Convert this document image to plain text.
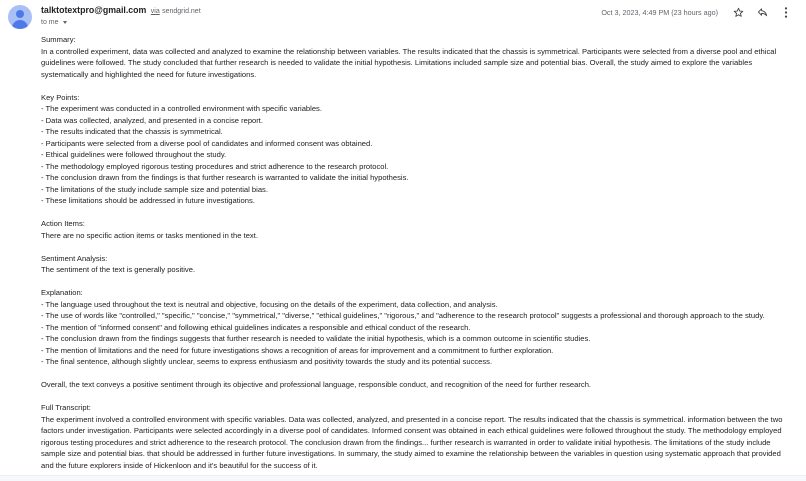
talktotextpro@gmail.com via sendgrid.net
to me
Oct 3, 2023, 4:49 PM (23 hours ago)
Summary:
In a controlled experiment, data was collected and analyzed to examine the relationship between variables. The results indicated that the chassis is symmetrical. Participants were selected from a diverse pool and ethical guidelines were followed. The study concluded that further research is needed to validate the initial hypothesis. Limitations included sample size and potential bias. Overall, the study aimed to explore the variables systematically and highlighted the need for future investigations.
Key Points:
- The experiment was conducted in a controlled environment with specific variables.
- Data was collected, analyzed, and presented in a concise report.
- The results indicated that the chassis is symmetrical.
- Participants were selected from a diverse pool of candidates and informed consent was obtained.
- Ethical guidelines were followed throughout the study.
- The methodology employed rigorous testing procedures and strict adherence to the research protocol.
- The conclusion drawn from the findings is that further research is warranted to validate the initial hypothesis.
- The limitations of the study include sample size and potential bias.
- These limitations should be addressed in future investigations.
Action Items:
There are no specific action items or tasks mentioned in the text.
Sentiment Analysis:
The sentiment of the text is generally positive.
Explanation:
- The language used throughout the text is neutral and objective, focusing on the details of the experiment, data collection, and analysis.
- The use of words like "controlled," "specific," "concise," "symmetrical," "diverse," "ethical guidelines," "rigorous," and "adherence to the research protocol" suggests a professional and thorough approach to the study.
- The mention of "informed consent" and following ethical guidelines indicates a responsible and ethical conduct of the research.
- The conclusion drawn from the findings suggests that further research is needed to validate the initial hypothesis, which is a common outcome in scientific studies.
- The mention of limitations and the need for future investigations shows a recognition of areas for improvement and a commitment to further exploration.
- The final sentence, although slightly unclear, seems to express enthusiasm and positivity towards the study and its potential success.
Overall, the text conveys a positive sentiment through its objective and professional language, responsible conduct, and recognition of the need for further research.
Full Transcript:
The experiment involved a controlled environment with specific variables. Data was collected, analyzed, and presented in a concise report. The results indicated that the chassis is symmetrical. information between the two factors under investigation. Participants were selected accordingly in a diverse pool of candidates. Informed consent was obtained in each ethical guidelines were followed throughout the study. The methodology employed rigorous testing procedures and strict adherence to the research protocol. The conclusion drawn from the findings... further research is warranted in order to validate initial hypothesis. The limitations of the study include sample size and potential bias. that should be addressed in further future investigations. In summary, the study aimed to examine the relationship between the variables in question using systematic approach that provided and the future explorers inside of Hickenloon and it's beautiful for the success of it.
